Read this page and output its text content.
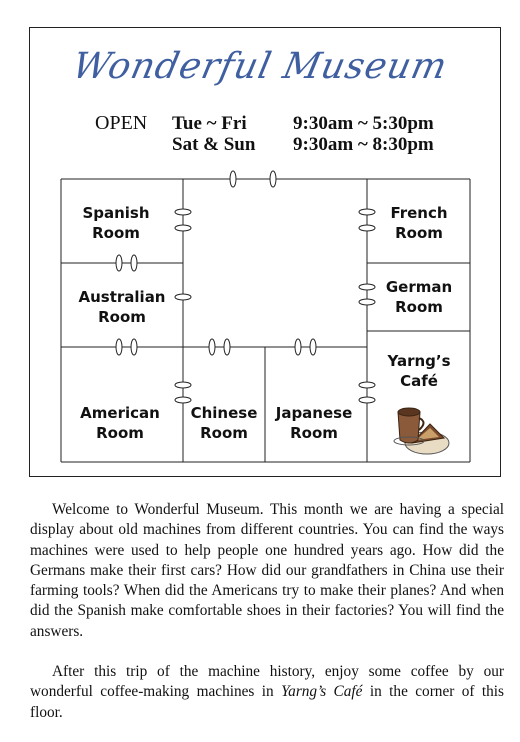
Wonderful Museum
OPEN Tue ~ Fri 9:30am ~ 5:30pm
Sat & Sun 9:30am ~ 8:30pm
Spanish
Room
Australian
Room
American
Room
Chinese
Room
Japanese
Room
French
Room
German
Room
Yarng’s
Café

Welcome to Wonderful Museum. This month we are having a special display about old machines from different countries. You can find the ways machines were used to help people one hundred years ago. How did the Germans make their first cars? How did our grandfathers in China use their farming tools? When did the Americans try to make their planes? And when did the Spanish make comfortable shoes in their factories? You will find the answers.

After this trip of the machine history, enjoy some coffee by our wonderful coffee-making machines in Yarng’s Café in the corner of this floor.
